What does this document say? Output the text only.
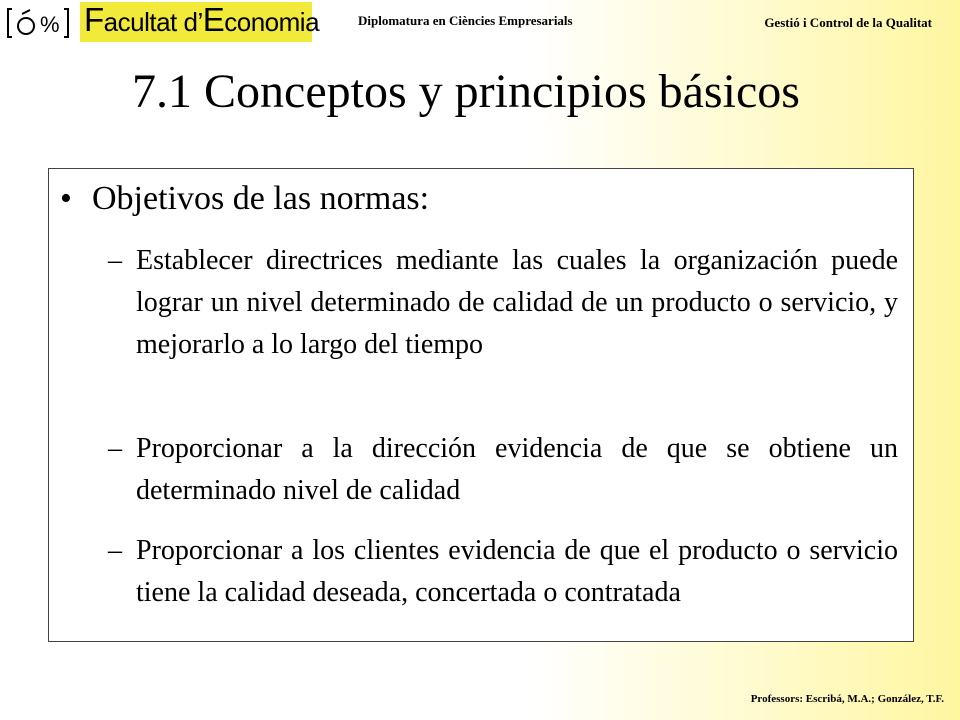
% Facultat d’Economia	Diplomatura en Ciències Empresarials	Gestió i Control de la Qualitat
7.1 Conceptos y principios básicos
• Objetivos de las normas:
– Establecer directrices mediante las cuales la organización puede lograr un nivel determinado de calidad de un producto o servicio, y mejorarlo a lo largo del tiempo
– Proporcionar a la dirección evidencia de que se obtiene un determinado nivel de calidad
– Proporcionar a los clientes evidencia de que el producto o servicio tiene la calidad deseada, concertada o contratada
Professors: Escribá, M.A.; González, T.F.
